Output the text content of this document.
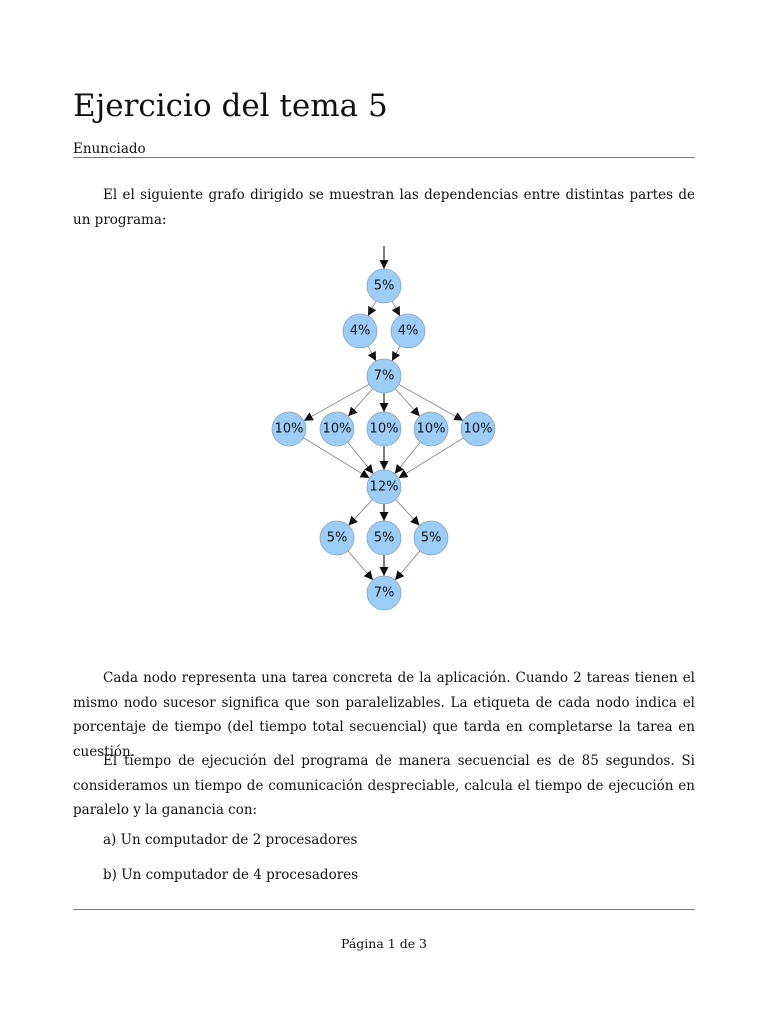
Ejercicio del tema 5
Enunciado

El el siguiente grafo dirigido se muestran las dependencias entre distintas partes de un programa:

5%
4% 4%
7%
10% 10% 10% 10% 10%
12%
5% 5% 5%
7%

Cada nodo representa una tarea concreta de la aplicación. Cuando 2 tareas tienen el mismo nodo sucesor significa que son paralelizables. La etiqueta de cada nodo indica el porcentaje de tiempo (del tiempo total secuencial) que tarda en completarse la tarea en cuestión.

El tiempo de ejecución del programa de manera secuencial es de 85 segundos. Si consideramos un tiempo de comunicación despreciable, calcula el tiempo de ejecución en paralelo y la ganancia con:

a) Un computador de 2 procesadores

b) Un computador de 4 procesadores

Página 1 de 3
